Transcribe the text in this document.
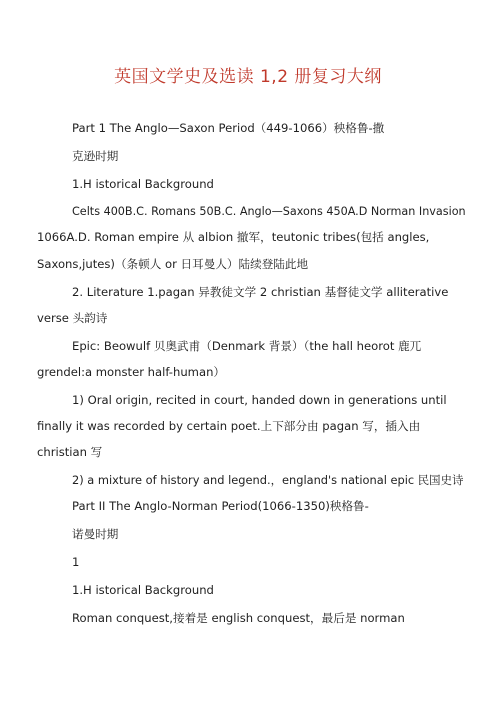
英国文学史及选读 1,2 册复习大纲
Part 1 The Anglo—Saxon Period（449-1066）秧格鲁-撒
克逊时期
1.H istorical Background
Celts 400B.C. Romans 50B.C. Anglo—Saxons 450A.D Norman Invasion
1066A.D. Roman empire 从 albion 撤军，teutonic tribes(包括 angles,
Saxons,jutes)（条顿人 or 日耳曼人）陆续登陆此地
2. Literature 1.pagan 异教徒文学 2 christian 基督徒文学 alliterative
verse 头韵诗
Epic: Beowulf 贝奥武甫（Denmark 背景）（the hall heorot 鹿兀
grendel:a monster half-human）
1) Oral origin, recited in court, handed down in generations until
finally it was recorded by certain poet.上下部分由 pagan 写，插入由
christian 写
2) a mixture of history and legend.，england's national epic 民国史诗
Part II The Anglo-Norman Period(1066-1350)秧格鲁-
诺曼时期
1
1.H istorical Background
Roman conquest,接着是 english conquest，最后是 norman
